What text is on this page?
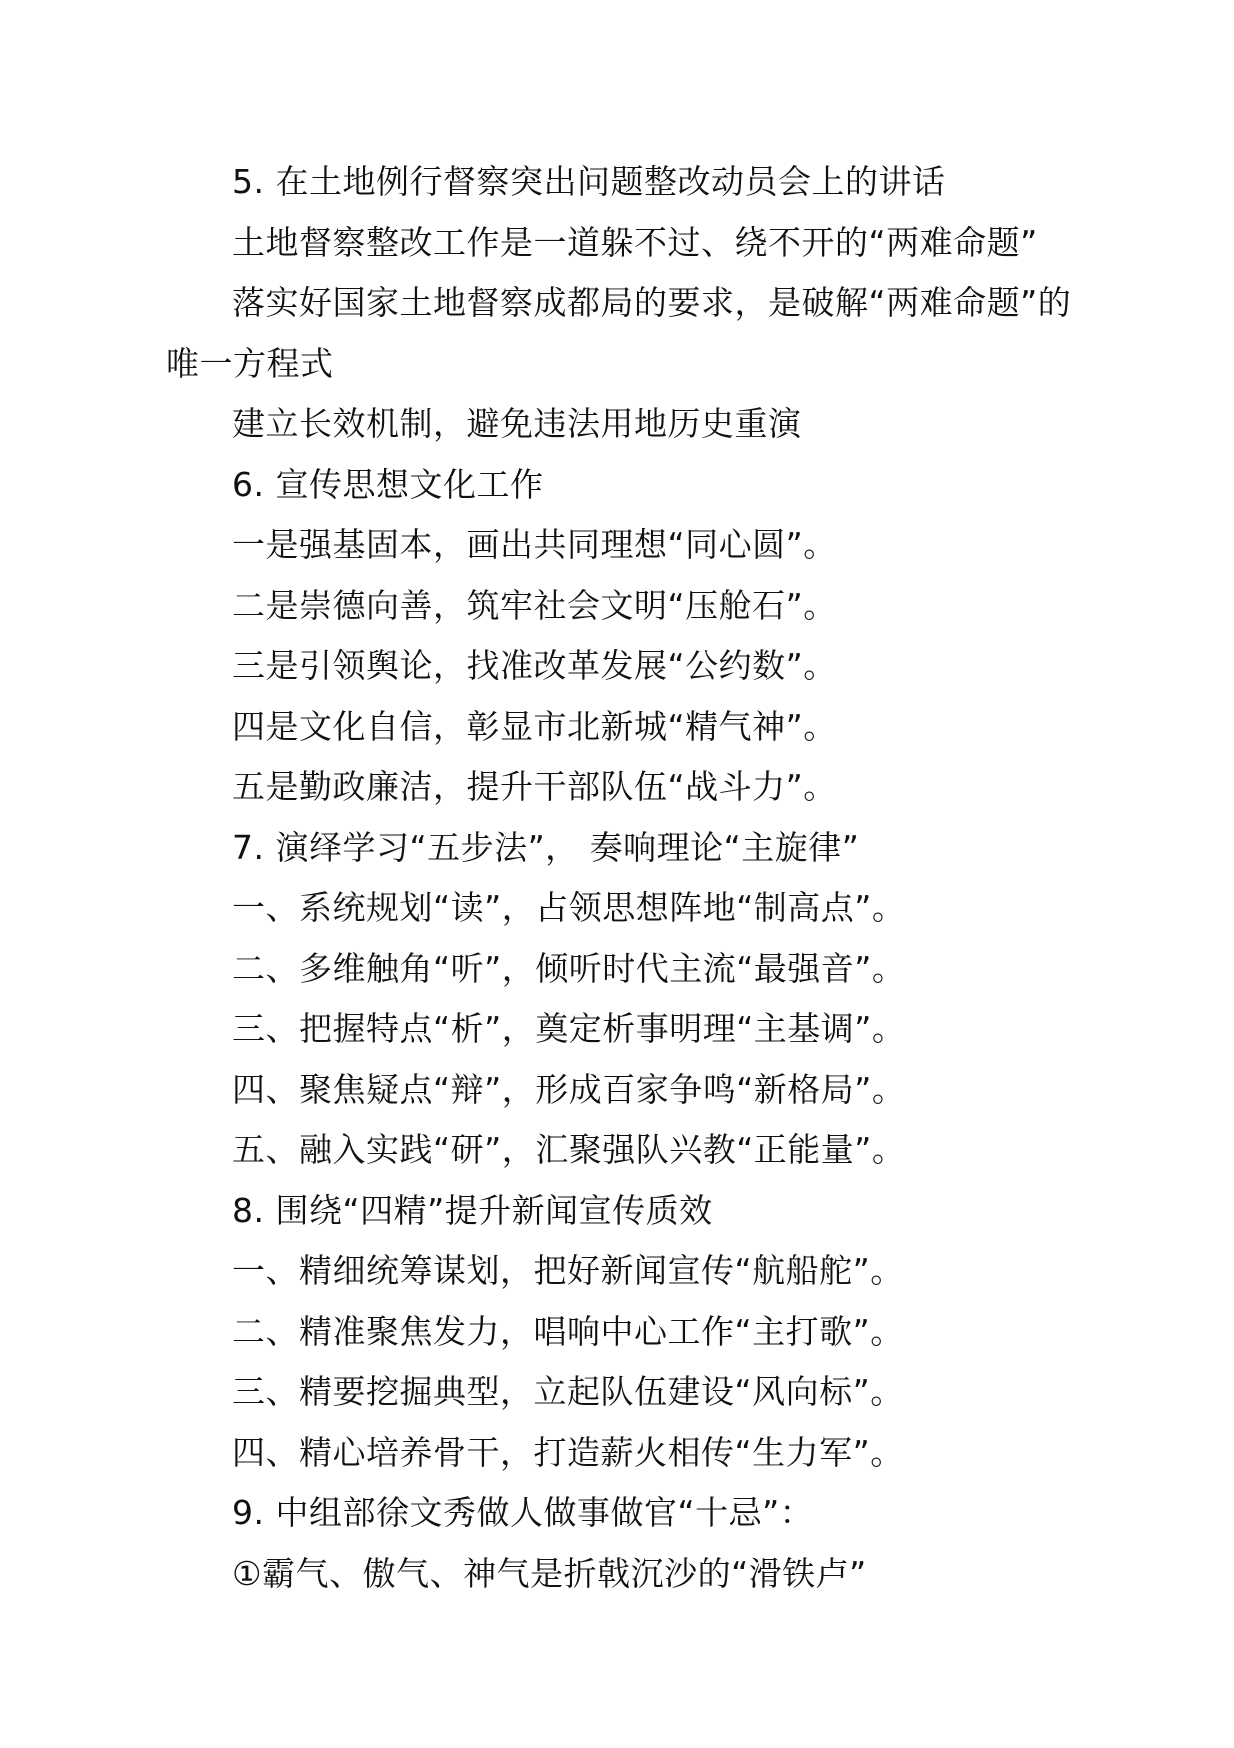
5. 在土地例行督察突出问题整改动员会上的讲话
土地督察整改工作是一道躲不过、绕不开的“两难命题”
落实好国家土地督察成都局的要求，是破解“两难命题”的
唯一方程式
建立长效机制，避免违法用地历史重演
6. 宣传思想文化工作
一是强基固本，画出共同理想“同心圆”。
二是崇德向善，筑牢社会文明“压舱石”。
三是引领舆论，找准改革发展“公约数”。
四是文化自信，彰显市北新城“精气神”。
五是勤政廉洁，提升干部队伍“战斗力”。
7. 演绎学习“五步法”， 奏响理论“主旋律”
一、系统规划“读”，占领思想阵地“制高点”。
二、多维触角“听”，倾听时代主流“最强音”。
三、把握特点“析”，奠定析事明理“主基调”。
四、聚焦疑点“辩”，形成百家争鸣“新格局”。
五、融入实践“研”，汇聚强队兴教“正能量”。
8. 围绕“四精”提升新闻宣传质效
一、精细统筹谋划，把好新闻宣传“航船舵”。
二、精准聚焦发力，唱响中心工作“主打歌”。
三、精要挖掘典型，立起队伍建设“风向标”。
四、精心培养骨干，打造薪火相传“生力军”。
9. 中组部徐文秀做人做事做官“十忌”：
①霸气、傲气、神气是折戟沉沙的“滑铁卢”
